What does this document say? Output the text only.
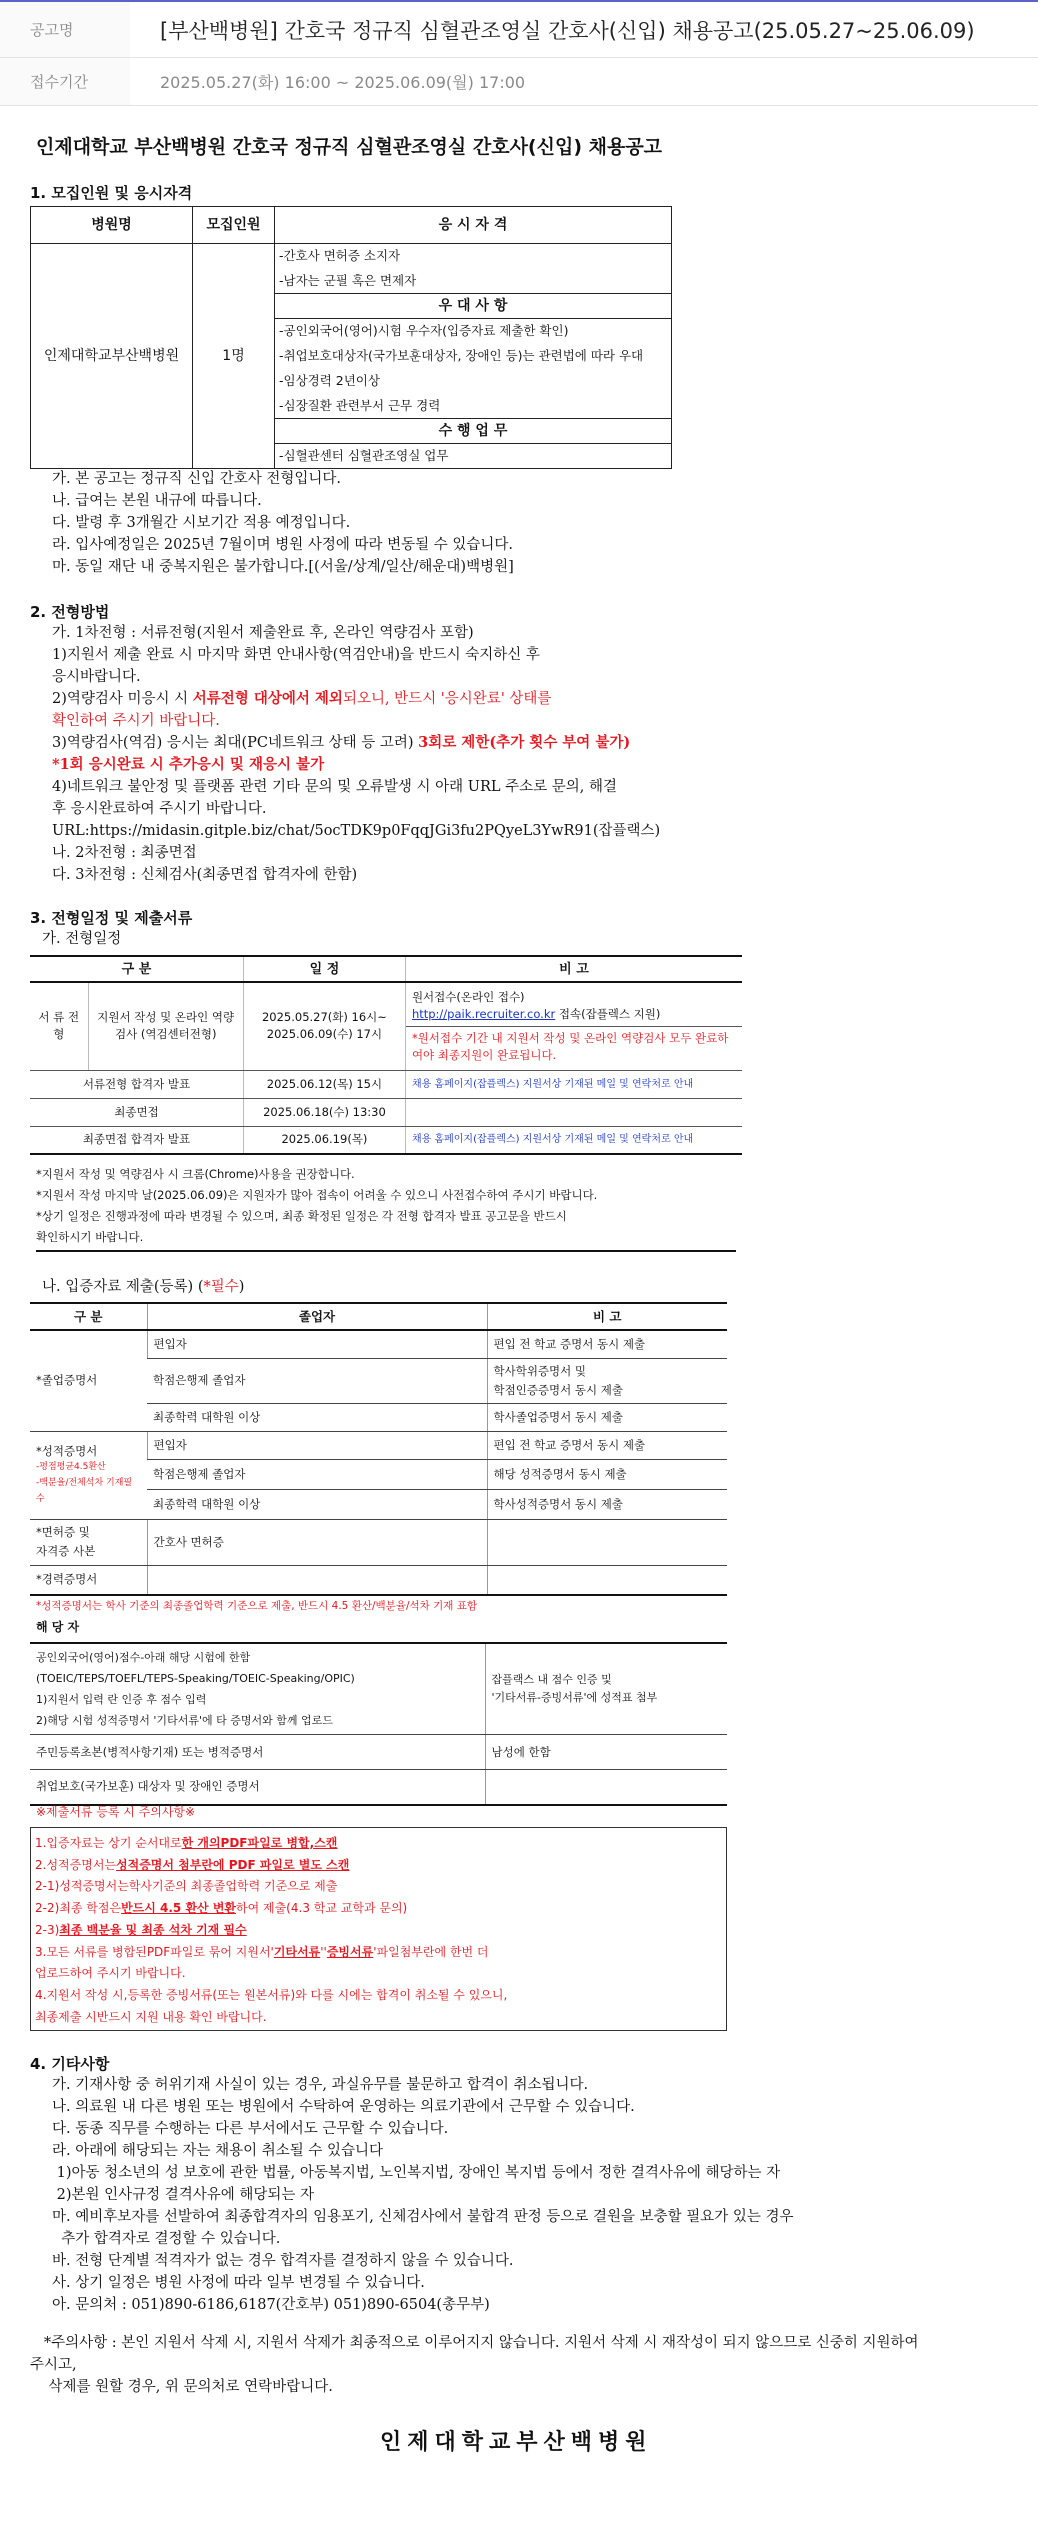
공고명	[부산백병원] 간호국 정규직 심혈관조영실 간호사(신입) 채용공고(25.05.27~25.06.09)
접수기간	2025.05.27(화) 16:00 ~ 2025.06.09(월) 17:00
인제대학교 부산백병원 간호국 정규직 심혈관조영실 간호사(신입) 채용공고
1. 모집인원 및 응시자격
병원명	모집인원	응 시 자 격
인제대학교부산백병원	1명	-간호사 면허증 소지자
		-남자는 군필 혹은 면제자
		우 대 사 항
		-공인외국어(영어)시험 우수자(입증자료 제출한 확인)
		-취업보호대상자(국가보훈대상자, 장애인 등)는 관련법에 따라 우대
		-임상경력 2년이상
		-심장질환 관련부서 근무 경력
		수 행 업 무
		-심혈관센터 심혈관조영실 업무
가. 본 공고는 정규직 신입 간호사 전형입니다.
나. 급여는 본원 내규에 따릅니다.
다. 발령 후 3개월간 시보기간 적용 예정입니다.
라. 입사예정일은 2025년 7월이며 병원 사정에 따라 변동될 수 있습니다.
마. 동일 재단 내 중복지원은 불가합니다.[(서울/상계/일산/해운대)백병원]
2. 전형방법
가. 1차전형 : 서류전형(지원서 제출완료 후, 온라인 역량검사 포함)
1)지원서 제출 완료 시 마지막 화면 안내사항(역검안내)을 반드시 숙지하신 후
응시바랍니다.
2)역량검사 미응시 시 서류전형 대상에서 제외되오니, 반드시 '응시완료' 상태를
확인하여 주시기 바랍니다.
3)역량검사(역검) 응시는 최대(PC네트워크 상태 등 고려) 3회로 제한(추가 횟수 부여 불가)
*1회 응시완료 시 추가응시 및 재응시 불가
4)네트워크 불안정 및 플랫폼 관련 기타 문의 및 오류발생 시 아래 URL 주소로 문의, 해결
후 응시완료하여 주시기 바랍니다.
URL:https://midasin.gitple.biz/chat/5ocTDK9p0FqqJGi3fu2PQyeL3YwR91(잡플랙스)
나. 2차전형 : 최종면접
다. 3차전형 : 신체검사(최종면접 합격자에 한함)
3. 전형일정 및 제출서류
가. 전형일정
구 분		일 정	비 고
서 류 전 형	지원서 작성 및 온라인 역량검사 (역검센터전형)	2025.05.27(화) 16시~ 2025.06.09(수) 17시	원서접수(온라인 접수)
http://paik.recruiter.co.kr 접속(잡플렉스 지원)
*원서접수 기간 내 지원서 작성 및 온라인 역량검사 모두 완료하여야 최종지원이 완료됩니다.

서류전형 합격자 발표		2025.06.12(목) 15시	채용 홈페이지(잡플렉스) 지원서상 기재된 메일 및 연락처로 안내
최종면접		2025.06.18(수) 13:30	
최종면접 합격자 발표		2025.06.19(목)	채용 홈페이지(잡플렉스) 지원서상 기재된 메일 및 연락처로 안내
*지원서 작성 및 역량검사 시 크롬(Chrome)사용을 권장합니다.
*지원서 작성 마지막 날(2025.06.09)은 지원자가 많아 접속이 어려울 수 있으니 사전접수하여 주시기 바랍니다.
*상기 일정은 진행과정에 따라 변경될 수 있으며, 최종 확정된 일정은 각 전형 합격자 발표 공고문을 반드시
확인하시기 바랍니다.
나. 입증자료 제출(등록) (*필수)
구 분	졸업자	비 고
*졸업증명서	편입자	편입 전 학교 증명서 동시 제출
	학점은행제 졸업자	학사학위증명서 및
학점인증증명서 동시 제출
	최종학력 대학원 이상	학사졸업증명서 동시 제출

*성적증명서
-평점평균4.5환산
-백분율/전체석차 기재필수	편입자	편입 전 학교 증명서 동시 제출
	학점은행제 졸업자	해당 성적증명서 동시 제출
	최종학력 대학원 이상	학사성적증명서 동시 제출
*면허증 및
자격증 사본	간호사 면허증	
*경력증명서		
*성적증명서는 학사 기준의 최종졸업학력 기준으로 제출, 반드시 4.5 환산/백분율/석차 기재 표함
해 당 자
공인외국어(영어)점수-아래 해당 시험에 한함
(TOEIC/TEPS/TOEFL/TEPS-Speaking/TOEIC-Speaking/OPIC)
1)지원서 입력 란 인증 후 점수 입력
2)해당 시험 성적증명서 '기타서류'에 타 증명서와 함께 업로드	잡플랙스 내 점수 인증 및
'기타서류-증빙서류'에 성적표 첨부
주민등록초본(병적사항기재) 또는 병적증명서	남성에 한함
취업보호(국가보훈) 대상자 및 장애인 증명서	
※제출서류 등록 시 주의사항※
1.입증자료는 상기 순서대로한 개의PDF파일로 병합,스캔
2.성적증명서는성적증명서 첨부란에 PDF 파일로 별도 스캔
2-1)성적증명서는학사기준의 최종졸업학력 기준으로 제출
2-2)최종 학점은반드시 4.5 환산 변환하여 제출(4.3 학교 교학과 문의)
2-3)최종 백분율 및 최종 석차 기재 필수
3.모든 서류를 병합된PDF파일로 묶어 지원서'기타서류''증빙서류'파일첨부란에 한번 더
업로드하여 주시기 바랍니다.
4.지원서 작성 시,등록한 증빙서류(또는 원본서류)와 다를 시에는 합격이 취소될 수 있으니,
최종제출 시반드시 지원 내용 확인 바랍니다.
4. 기타사항
가. 기재사항 중 허위기재 사실이 있는 경우, 과실유무를 불문하고 합격이 취소됩니다.
나. 의료원 내 다른 병원 또는 병원에서 수탁하여 운영하는 의료기관에서 근무할 수 있습니다.
다. 동종 직무를 수행하는 다른 부서에서도 근무할 수 있습니다.
라. 아래에 해당되는 자는 채용이 취소될 수 있습니다
1)아동 청소년의 성 보호에 관한 법률, 아동복지법, 노인복지법, 장애인 복지법 등에서 정한 결격사유에 해당하는 자
2)본원 인사규정 결격사유에 해당되는 자
마. 예비후보자를 선발하여 최종합격자의 임용포기, 신체검사에서 불합격 판정 등으로 결원을 보충할 필요가 있는 경우
추가 합격자로 결정할 수 있습니다.
바. 전형 단계별 적격자가 없는 경우 합격자를 결정하지 않을 수 있습니다.
사. 상기 일정은 병원 사정에 따라 일부 변경될 수 있습니다.
아. 문의처 : 051)890-6186,6187(간호부) 051)890-6504(총무부)
*주의사항 : 본인 지원서 삭제 시, 지원서 삭제가 최종적으로 이루어지지 않습니다. 지원서 삭제 시 재작성이 되지 않으므로 신중히 지원하여
주시고,
삭제를 원할 경우, 위 문의처로 연락바랍니다.
인제대학교부산백병원
